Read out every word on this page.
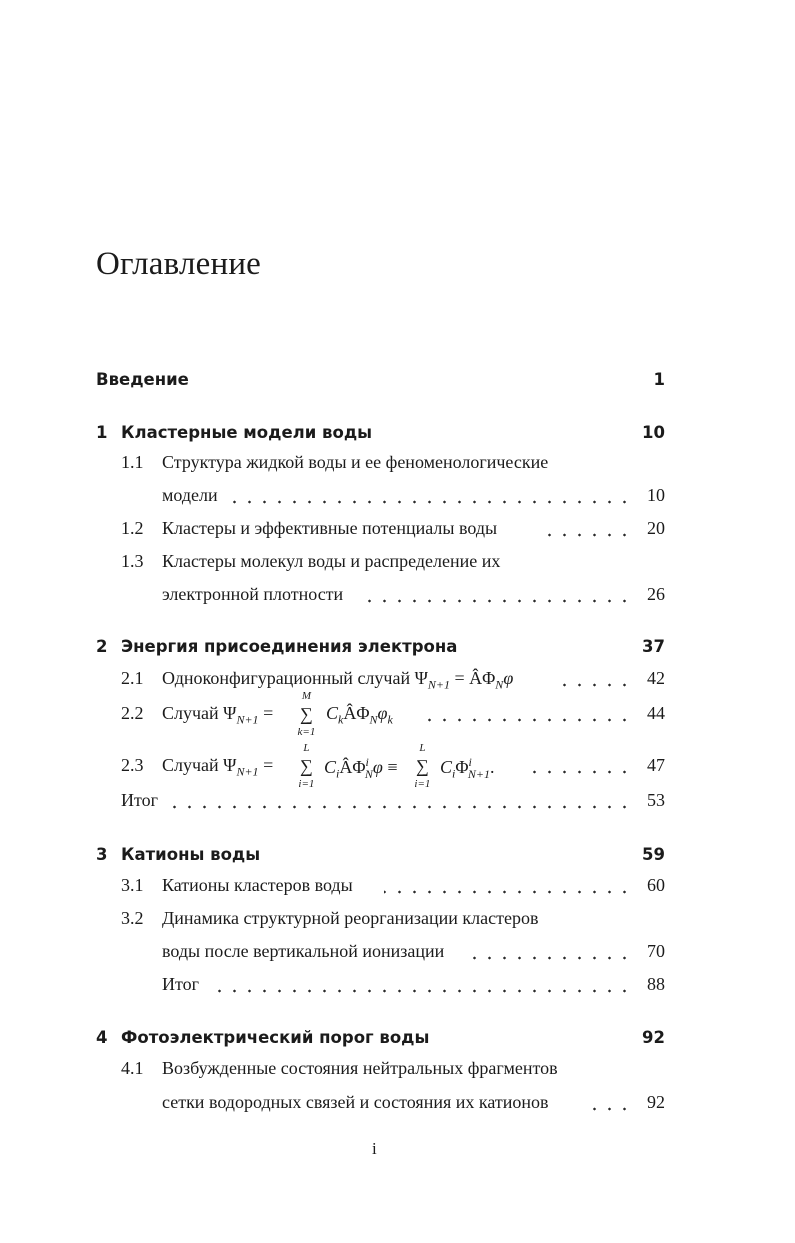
Оглавление
Введение	1
1 Кластерные модели воды	10
1.1 Структура жидкой воды и ее феноменологические
модели	10
1.2 Кластеры и эффективные потенциалы воды	20
1.3 Кластеры молекул воды и распределение их
электронной плотности	26
2 Энергия присоединения электрона	37
2.1 Одноконфигурационный случай $\Psi_{N+1}$ = $Â\Phi_N\varphi$	42
2.2 Случай $\Psi_{N+1}$ =
M
∑
k=1
$C_kÂ\Phi_N\varphi_k$	44
2.3 Случай $\Psi_{N+1}$ =
L
∑
i=1
$C_iÂ\Phi^i_N\varphi$ ≡
L
∑
i=1
$C_i\Phi^i_{N+1}$.	47
Итог	53
3 Катионы воды	59
3.1 Катионы кластеров воды	60
3.2 Динамика структурной реорганизации кластеров
воды после вертикальной ионизации	70
Итог	88
4 Фотоэлектрический порог воды	92
4.1 Возбужденные состояния нейтральных фрагментов
сетки водородных связей и состояния их катионов	92
i
